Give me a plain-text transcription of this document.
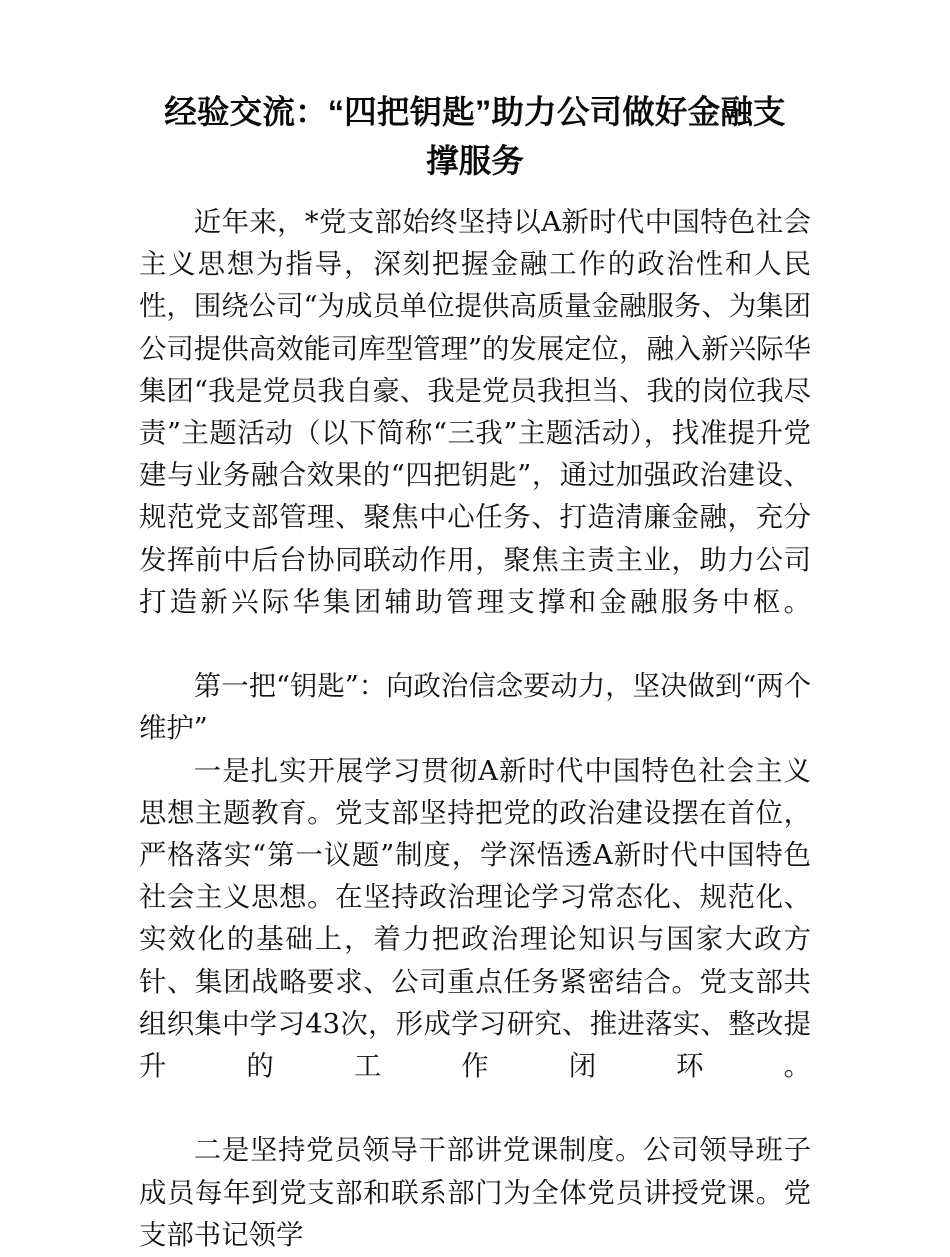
经验交流：“四把钥匙”助力公司做好金融支
撑服务

近年来，*党支部始终坚持以A新时代中国特色社会主义思想为指导，深刻把握金融工作的政治性和人民性，围绕公司“为成员单位提供高质量金融服务、为集团公司提供高效能司库型管理”的发展定位，融入新兴际华集团“我是党员我自豪、我是党员我担当、我的岗位我尽责”主题活动（以下简称“三我”主题活动），找准提升党建与业务融合效果的“四把钥匙”，通过加强政治建设、规范党支部管理、聚焦中心任务、打造清廉金融，充分发挥前中后台协同联动作用，聚焦主责主业，助力公司打造新兴际华集团辅助管理支撑和金融服务中枢。

第一把“钥匙”：向政治信念要动力，坚决做到“两个维护”

一是扎实开展学习贯彻A新时代中国特色社会主义思想主题教育。党支部坚持把党的政治建设摆在首位，严格落实“第一议题”制度，学深悟透A新时代中国特色社会主义思想。在坚持政治理论学习常态化、规范化、实效化的基础上，着力把政治理论知识与国家大政方针、集团战略要求、公司重点任务紧密结合。党支部共组织集中学习43次，形成学习研究、推进落实、整改提升的工作闭环。

二是坚持党员领导干部讲党课制度。公司领导班子成员每年到党支部和联系部门为全体党员讲授党课。党支部书记领学
